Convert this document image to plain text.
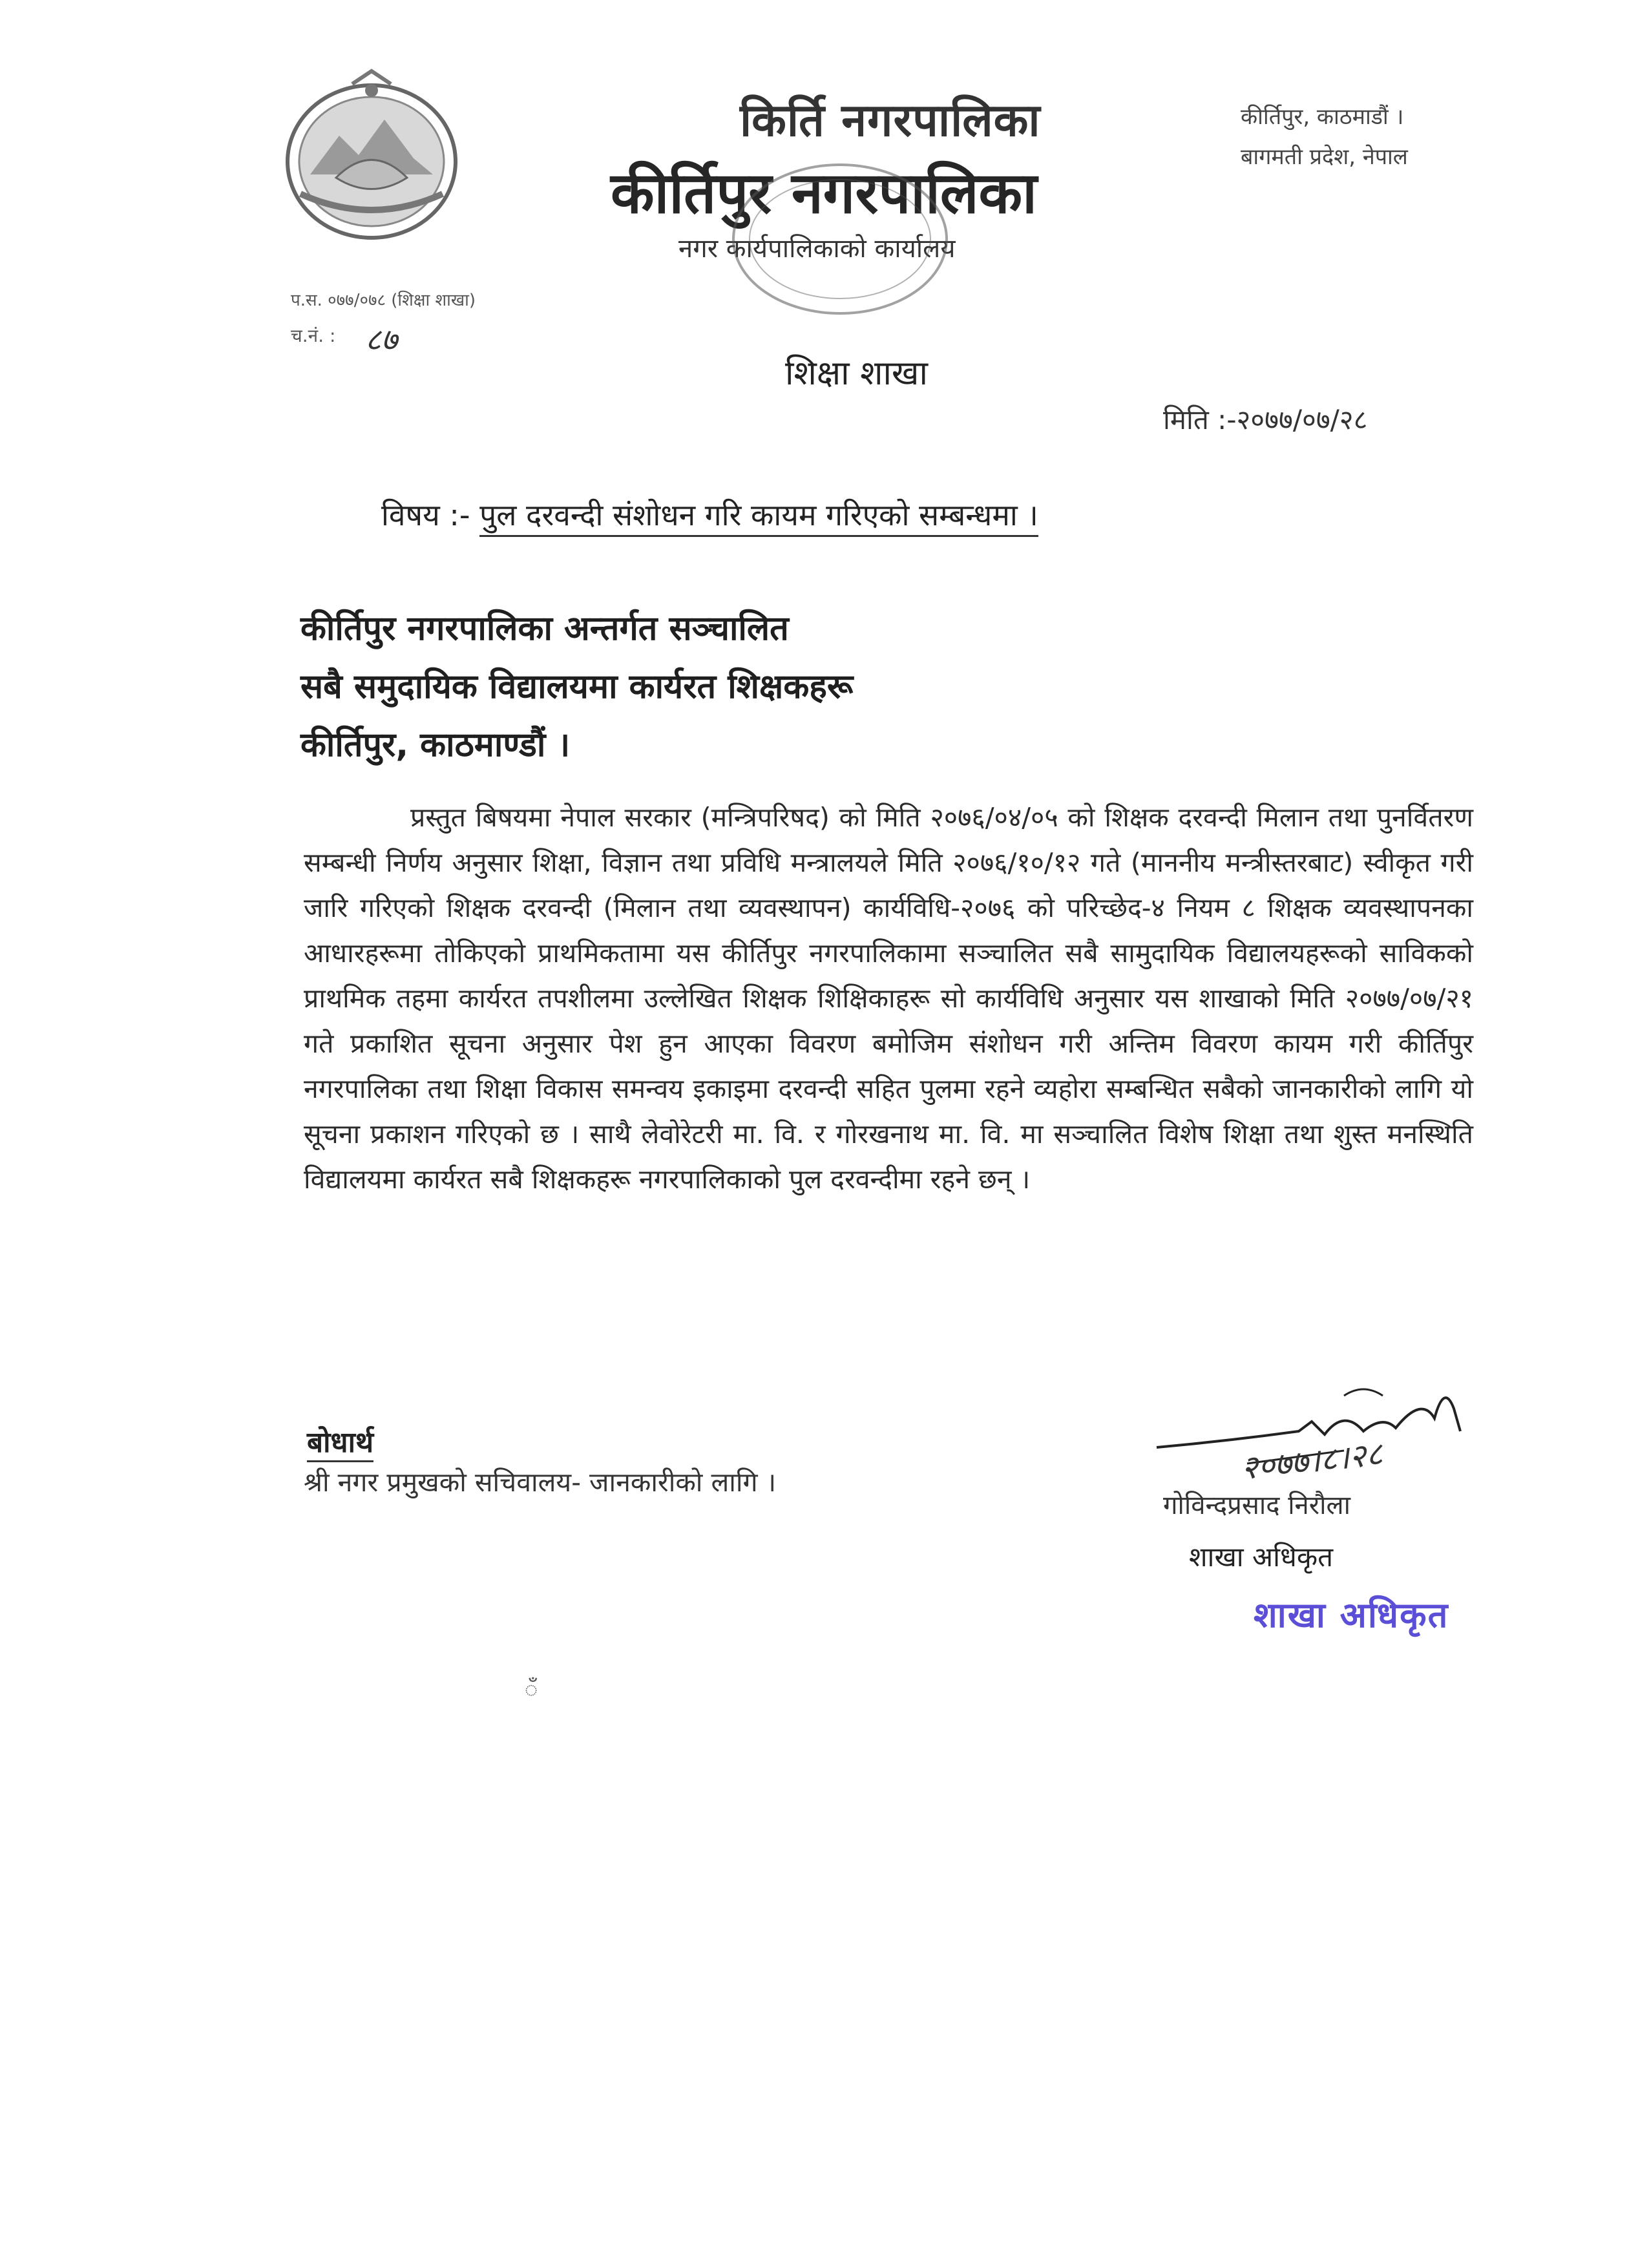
किर्ति नगरपालिका
कीर्तिपुर नगरपालिका
नगर कार्यपालिकाको कार्यालय
कीर्तिपुर, काठमाडौं ।
बागमती प्रदेश, नेपाल
प.स. ०७७/०७८ (शिक्षा शाखा)
च.नं. : ८७
शिक्षा शाखा
मिति :-२०७७/०७/२८
विषय :- पुल दरवन्दी संशोधन गरि कायम गरिएको सम्बन्धमा ।
कीर्तिपुर नगरपालिका अन्तर्गत सञ्चालित
सबै समुदायिक विद्यालयमा कार्यरत शिक्षकहरू
कीर्तिपुर, काठमाण्डौं ।
प्रस्तुत बिषयमा नेपाल सरकार (मन्त्रिपरिषद) को मिति २०७६/०४/०५ को शिक्षक दरवन्दी मिलान तथा पुनर्वितरण सम्बन्धी निर्णय अनुसार शिक्षा, विज्ञान तथा प्रविधि मन्त्रालयले मिति २०७६/१०/१२ गते (माननीय मन्त्रीस्तरबाट) स्वीकृत गरी जारि गरिएको शिक्षक दरवन्दी (मिलान तथा व्यवस्थापन) कार्यविधि-२०७६ को परिच्छेद-४ नियम ८ शिक्षक व्यवस्थापनका आधारहरूमा तोकिएको प्राथमिकतामा यस कीर्तिपुर नगरपालिकामा सञ्चालित सबै सामुदायिक विद्यालयहरूको साविकको प्राथमिक तहमा कार्यरत तपशीलमा उल्लेखित शिक्षक शिक्षिकाहरू सो कार्यविधि अनुसार यस शाखाको मिति २०७७/०७/२१ गते प्रकाशित सूचना अनुसार पेश हुन आएका विवरण बमोजिम संशोधन गरी अन्तिम विवरण कायम गरी कीर्तिपुर नगरपालिका तथा शिक्षा विकास समन्वय इकाइमा दरवन्दी सहित पुलमा रहने व्यहोरा सम्बन्धित सबैको जानकारीको लागि यो सूचना प्रकाशन गरिएको छ । साथै लेवोरेटरी मा. वि. र गोरखनाथ मा. वि. मा सञ्चालित विशेष शिक्षा तथा शुस्त मनस्थिति विद्यालयमा कार्यरत सबै शिक्षकहरू नगरपालिकाको पुल दरवन्दीमा रहने छन् ।
बोधार्थ
श्री नगर प्रमुखको सचिवालय- जानकारीको लागि ।	२०७७।८।२८
गोविन्दप्रसाद निरौला
शाखा अधिकृत
शाखा अधिकृत
ँ
